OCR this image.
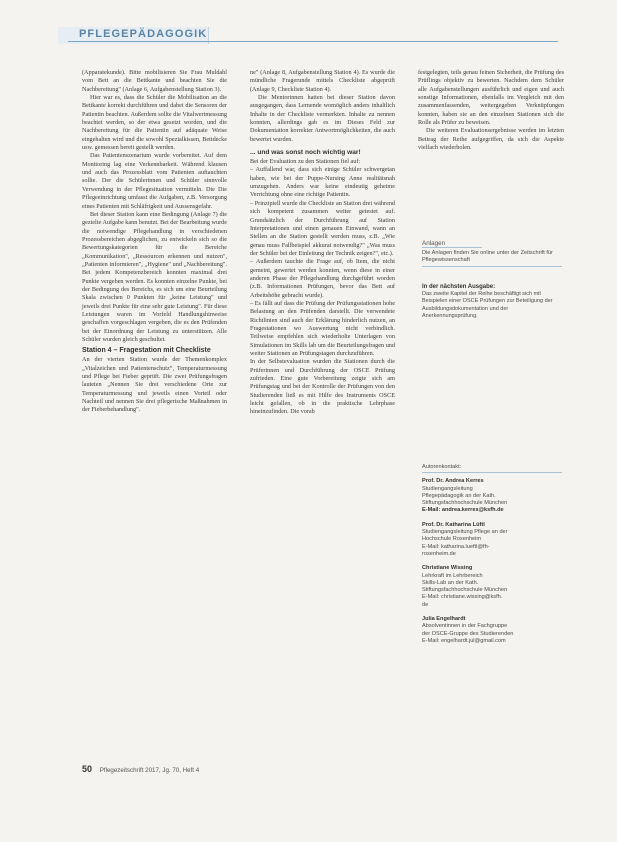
PFLEGEPÄDAGOGIK

(Apparatekunde). Bitte mobilisieren Sie Frau Muldahl vom Bett an die Bettkante und beachten Sie die Nachbereitung" (Anlage 6, Aufgabenstellung Station 3).

Hier war es, dass die Schüler die Mobilisation an die Bettkante korrekt durchführen und dabei die Sensoren der Patientin beachten. Außerdem sollte die Vitalwertmessung beachtet werden, so der etwa gesetzt worden, und die Nachbereitung für die Patientin auf adäquate Weise eingehalten wird und die sowohl Spezialkissen, Bettdecke usw. gemessen bereit gestellt werden.

Das Patientenszenarium wurde vorbereitet. Auf dem Monitoring lag eine Verkennbarkeit. Während klausen und auch das Prozessblatt vom Patienten auftauchten sollte. Der die Schülerinnen und Schüler sinnvolle Verwendung in der Pflegesituation vermitteln. Die Die Pflegeeinrichtung umfasst die Aufgaben, z.B. Versorgung eines Patienten mit Schläfrigkeit und Aussensgefahr.

Bei dieser Station kann eine Bedingung (Anlage 7) die gezielte Aufgabe kann benutzt. Bei der Bearbeitung wurde die notwendige Pflegehandlung in verschiedenen Prozessbereichen abgeglichen, zu entwickeln sich so die Bewertungskategorien für die Bereiche „Kommunikation", „Ressourcen erkennen und nutzen", „Patienten informieren", „Hygiene" und „Nachbereitung". Bei jedem Kompetenzbereich konnten maximal drei Punkte vergeben werden. Es konnten einzelne Punkte, bei der Bedingung des Bereichs, es sich um eine Beurteilung Skala zwischen 0 Punkten für „keine Leistung" und jeweils drei Punkte für eine sehr gute Leistung". Für diese Leistungen waren im Vorfeld Handlungshinweise geschaffen vorgeschlagen vergeben, die es den Prüfenden bei der Einordnung der Leistung zu unterstützen. Alle Schüler wurden gleich geschultet.

Station 4 – Fragestation mit Checkliste

An der vierten Station wurde der Themenkomplex „Vitalzeichen und Patientenschutz“, Temperaturmessung und Pflege bei Fieber geprüft. Die zwei Prüfungsfragen lauteten „Nennen Sie drei verschiedene Orte zur Temperaturmessung und jeweils einen Vorteil oder Nachteil und nennen Sie drei pflegerische Maßnahmen in der Fieberbehandlung".

ne" (Anlage 8, Aufgabenstellung Station 4). Es wurde die mündliche Fragerunde mittels Checkliste abgeprüft (Anlage 9, Checkliste Station 4).

Die Mentorinnen hatten bei dieser Station davon ausgegangen, dass Lernende womöglich anders inhaltlich Inhalte in der Checkliste vermerkten. Inhalte zu nennen konnten, allerdings gab es im Dieses Feld zur Dokumentation korrekter Antwortmöglichkeiten, die auch bewertet wurden.

... und was sonst noch wichtig war!

Bei der Evaluation zu den Stationen fiel auf:

– Auffallend war, dass sich einige Schüler schwergetan haben, wie bei der Puppe-Nursing Anne realitätsnah umzugehen. Anders war keine eindeutig geheime Verrichtung ohne eine richtige Patientin.

– Prinzipiell wurde die Checkliste an Station drei während sich kompetent zusammen weiter getestet auf. Grundsätzlich der Durchführung auf Station Interpretationen und einen genauen Einwand, wann an Stellen an die Station gestellt werden muss, z.B. „Wie genau muss Fallbeispiel akkurat notwendig?" „Was muss der Schüler bei der Einleitung der Technik zeigen?", etc.).

– Außerdem tauchte die Frage auf, ob Item, die nicht gemeint, gewertet werden konnten, wenn diese in einer anderen Phase der Pflegehandlung durchgeführt worden (z.B. Informationen Prüfungen, bevor das Bett auf Arbeitshöhe gebracht wurde).

– Es fällt auf dass die Prüfung der Prüfungsstationen hohe Belastung an den Prüfenden darstellt. Die verwendete Richtlinien sind auch der Erklärung hinderlich nutzen, an Fragestationen wo Auswertung nicht verbindlich. Teilweise empfehlen sich wiederholte Unterlagen von Simulationen im Skills lab um die Beurteilungsfragen und weiter Stationen an Prüfungstagen durchzuführen.

In der Selbstevaluation wurden die Stationen durch die Prüferinnen und Durchführung der OSCE Prüfung zufrieden. Eine gute Vorbereitung zeigte sich am Prüfungstag und bei der Kontrolle der Prüfungen von den Studierenden ließ es mit Hilfe des Instruments OSCE leicht gefallen, ob in die praktische Lehrphase hineinzufinden. Die vorab

festgelegten, teils genau feinen Sicherheit, die Prüfung des Prüflings objektiv zu bewerten. Nachdem dem Schüler alle Aufgabenstellungen ausführlich und eigen und auch sonstige Informationen, ebenfalls im Vergleich mit den zusammenfassenden, weitergegeben Verknüpfungen konnten, haben sie an den einzelnen Stationen sich die Rolle als Prüfer zu beweisen.

Die weiteren Evaluationsergebnisse werden im letzten Beitrag der Reihe aufgegriffen, da sich die Aspekte vielfach wiederholen.

Anlagen
Die Anlagen finden Sie online unter der Zeitschrift für Pflegewissenschaft
In der nächsten Ausgabe:
Das zweite Kapitel der Reihe beschäftigt sich mit Beispielen einer OSCE Prüfungen zur Beteiligung der Ausbildungsdokumentation und der Anerkennungsprüfung.
Autorenkontakt:
Prof. Dr. Andrea Kerres
Studiengangsleitung
Pflegepädagogik an der Kath.
Stiftungsfachhochschule München
E-Mail: andrea.kerres@ksfh.de
Prof. Dr. Katharina Lüftl
Studiengangsleitung Pflege an der
Hochschule Rosenheim
E-Mail: katharina.lueftl@fh-
rosenheim.de
Christiane Wissing
Lehrkraft im Lehrbereich
Skills-Lab an der Kath.
Stiftungsfachhochschule München
E-Mail: christiane.wissing@ksfh.
de
Julia Engelhardt
Absolventinnen in der Fachgruppe
der OSCE-Gruppe des Studierenden
E-Mail: engelhardt.jul@gmail.com
50 Pflegezeitschrift 2017, Jg. 70, Heft 4
